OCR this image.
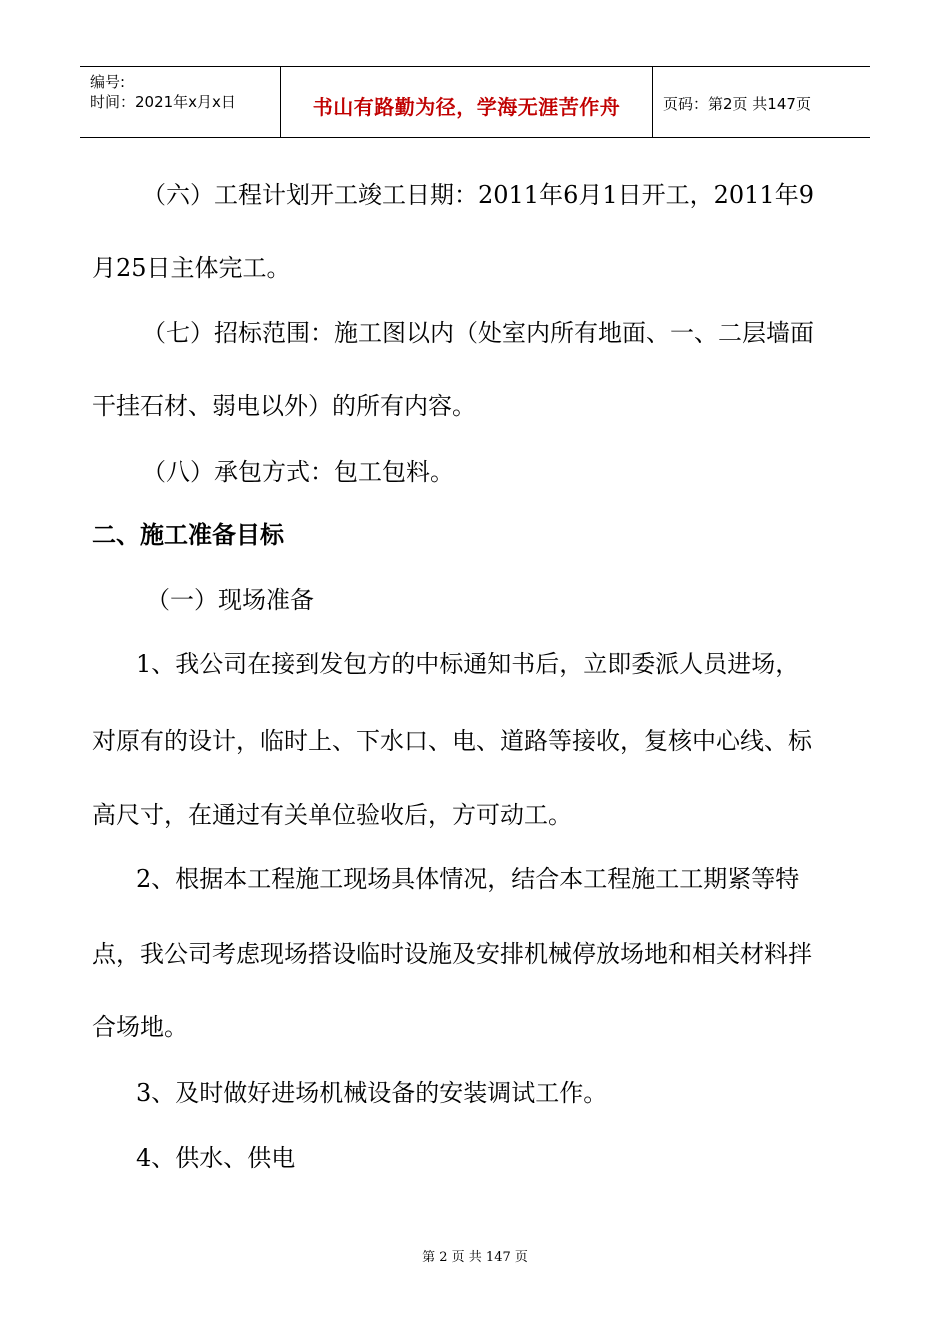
编号:
时间：2021年x月x日	书山有路勤为径，学海无涯苦作舟	页码：第2页 共147页
（六）工程计划开工竣工日期：2011年6月1日开工，2011年9
月25日主体完工。
（七）招标范围：施工图以内（处室内所有地面、一、二层墙面
干挂石材、弱电以外）的所有内容。
（八）承包方式：包工包料。
二、施工准备目标
（一）现场准备
1、我公司在接到发包方的中标通知书后，立即委派人员进场，
对原有的设计，临时上、下水口、电、道路等接收，复核中心线、标
高尺寸，在通过有关单位验收后，方可动工。
2、根据本工程施工现场具体情况，结合本工程施工工期紧等特
点，我公司考虑现场搭设临时设施及安排机械停放场地和相关材料拌
合场地。
3、及时做好进场机械设备的安装调试工作。
4、供水、供电
第 2 页 共 147 页
